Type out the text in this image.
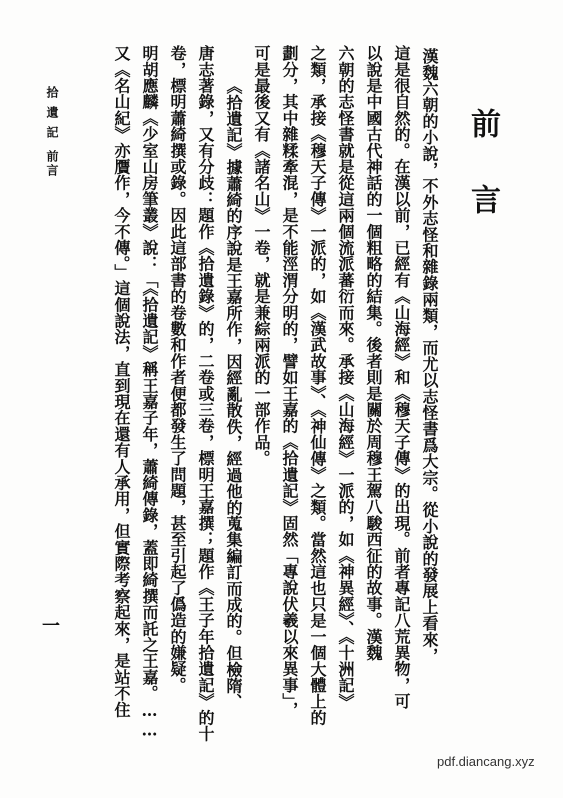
前言
漢魏六朝的小說，不外志怪和雜錄兩類，而尤以志怪書爲大宗。從小說的發展上看來，
這是很自然的。在漢以前，已經有《山海經》和《穆天子傳》的出現。前者專記八荒異物，可
以說是中國古代神話的一個粗略的結集。後者則是關於周穆王駕八駿西征的故事。漢魏
六朝的志怪書就是從這兩個流派蕃衍而來。承接《山海經》一派的，如《神異經》、《十洲記》
之類，承接《穆天子傳》一派的，如《漢武故事》、《神仙傳》之類。當然這也只是一個大體上的
劃分，其中雜糅牽混，是不能涇渭分明的，譬如王嘉的《拾遺記》固然「專說伏羲以來異事」，
可是最後又有《諸名山》一卷，就是兼綜兩派的一部作品。
《拾遺記》據蕭綺的序說是王嘉所作，因經亂散佚，經過他的蒐集編訂而成的。但檢隋、
唐志著錄，又有分歧：題作《拾遺錄》的，二卷或三卷，標明王嘉撰；題作《王子年拾遺記》的十
卷，標明蕭綺撰或錄。因此這部書的卷數和作者便都發生了問題，甚至引起了僞造的嫌疑。
明胡應麟《少室山房筆叢》說：「《拾遺記》稱王嘉子年，蕭綺傳錄，蓋即綺撰而託之王嘉。……
又《名山紀》亦贋作，今不傳。」這個說法，直到現在還有人承用，但實際考察起來，是站不住
拾遺記
前言
一
pdf.diancang.xyz
